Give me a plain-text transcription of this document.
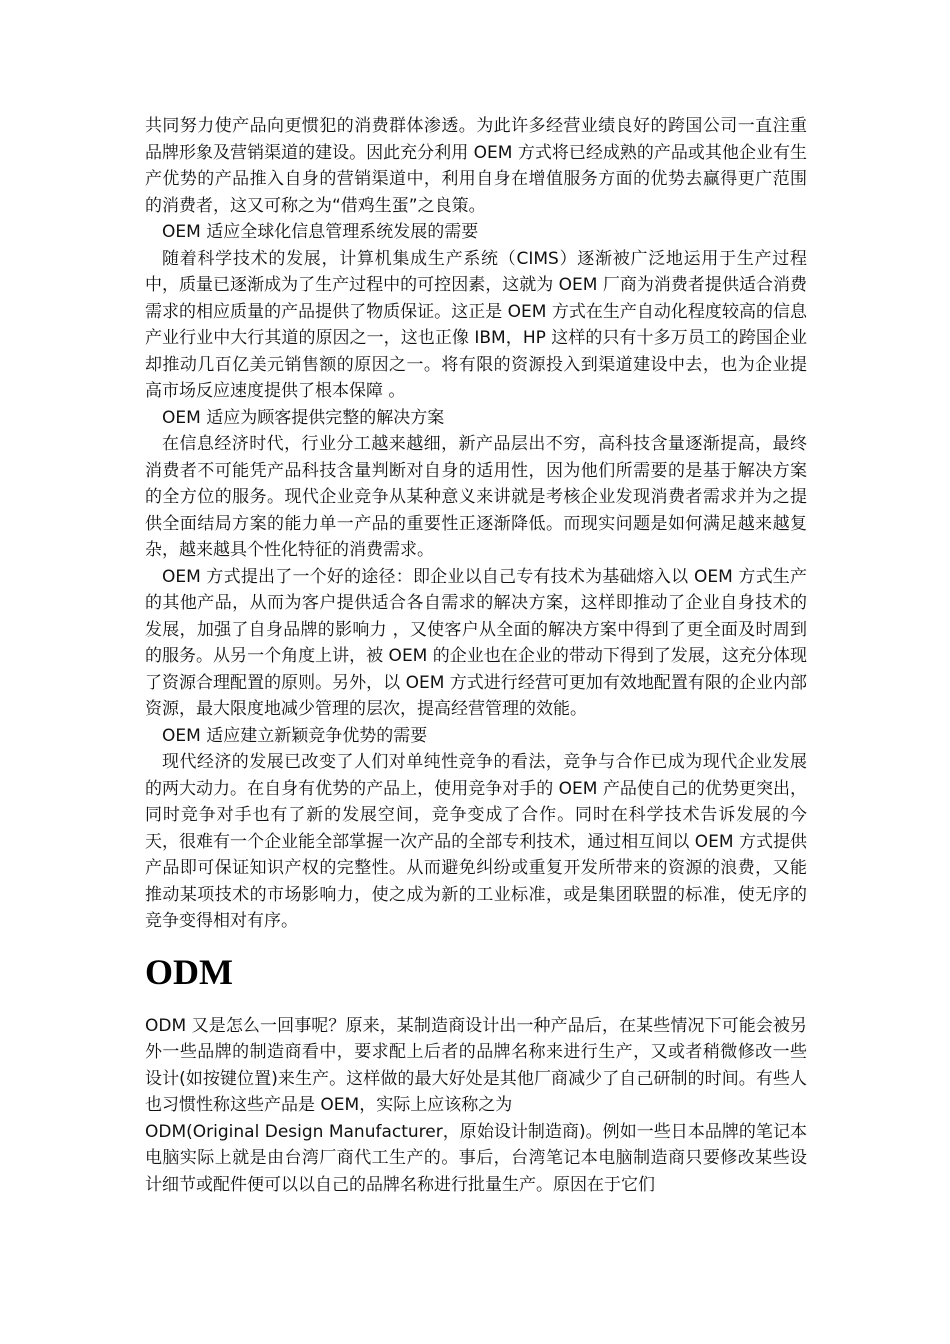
共同努力使产品向更惯犯的消费群体渗透。为此许多经营业绩良好的跨国公司一直注重品牌形象及营销渠道的建设。因此充分利用 OEM 方式将已经成熟的产品或其他企业有生产优势的产品推入自身的营销渠道中，利用自身在增值服务方面的优势去赢得更广范围的消费者，这又可称之为“借鸡生蛋”之良策。

OEM 适应全球化信息管理系统发展的需要

随着科学技术的发展，计算机集成生产系统（CIMS）逐渐被广泛地运用于生产过程中，质量已逐渐成为了生产过程中的可控因素，这就为 OEM 厂商为消费者提供适合消费需求的相应质量的产品提供了物质保证。这正是 OEM 方式在生产自动化程度较高的信息产业行业中大行其道的原因之一，这也正像 IBM，HP 这样的只有十多万员工的跨国企业却推动几百亿美元销售额的原因之一。将有限的资源投入到渠道建设中去，也为企业提高市场反应速度提供了根本保障 。

OEM 适应为顾客提供完整的解决方案

在信息经济时代，行业分工越来越细，新产品层出不穷，高科技含量逐渐提高，最终消费者不可能凭产品科技含量判断对自身的适用性，因为他们所需要的是基于解决方案的全方位的服务。现代企业竞争从某种意义来讲就是考核企业发现消费者需求并为之提供全面结局方案的能力单一产品的重要性正逐渐降低。而现实问题是如何满足越来越复杂，越来越具个性化特征的消费需求。

OEM 方式提出了一个好的途径：即企业以自己专有技术为基础熔入以 OEM 方式生产的其他产品，从而为客户提供适合各自需求的解决方案，这样即推动了企业自身技术的发展，加强了自身品牌的影响力 ，又使客户从全面的解决方案中得到了更全面及时周到的服务。从另一个角度上讲，被 OEM 的企业也在企业的带动下得到了发展，这充分体现了资源合理配置的原则。另外，以 OEM 方式进行经营可更加有效地配置有限的企业内部资源，最大限度地减少管理的层次，提高经营管理的效能。

OEM 适应建立新颖竞争优势的需要

现代经济的发展已改变了人们对单纯性竞争的看法，竞争与合作已成为现代企业发展的两大动力。在自身有优势的产品上，使用竞争对手的 OEM 产品使自己的优势更突出，同时竞争对手也有了新的发展空间，竞争变成了合作。同时在科学技术告诉发展的今天，很难有一个企业能全部掌握一次产品的全部专利技术，通过相互间以 OEM 方式提供产品即可保证知识产权的完整性。从而避免纠纷或重复开发所带来的资源的浪费，又能推动某项技术的市场影响力，使之成为新的工业标准，或是集团联盟的标准，使无序的竞争变得相对有序。

ODM

ODM 又是怎么一回事呢？原来，某制造商设计出一种产品后，在某些情况下可能会被另外一些品牌的制造商看中，要求配上后者的品牌名称来进行生产，又或者稍微修改一些设计(如按键位置)来生产。这样做的最大好处是其他厂商减少了自己研制的时间。有些人也习惯性称这些产品是 OEM，实际上应该称之为

ODM(Original Design Manufacturer，原始设计制造商)。例如一些日本品牌的笔记本电脑实际上就是由台湾厂商代工生产的。事后，台湾笔记本电脑制造商只要修改某些设计细节或配件便可以以自己的品牌名称进行批量生产。原因在于它们
